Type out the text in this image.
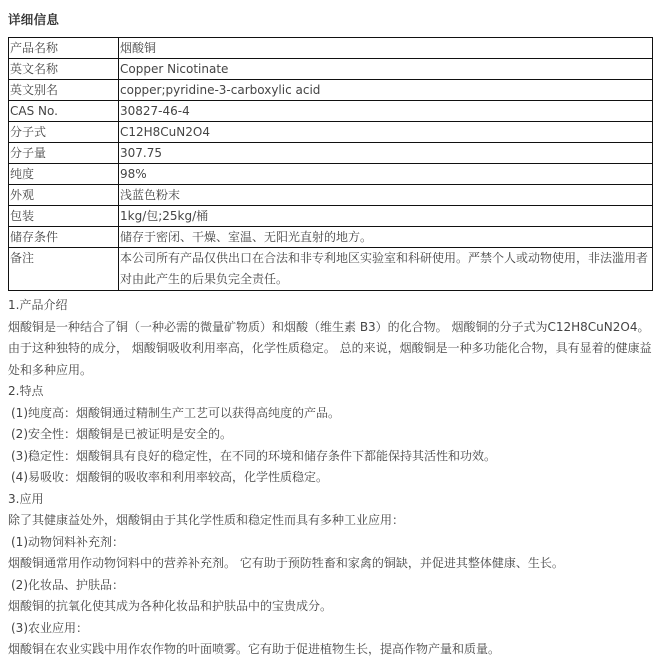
详细信息
产品名称	烟酸铜
英文名称	Copper Nicotinate
英文别名	copper;pyridine-3-carboxylic acid
CAS No.	30827-46-4
分子式	C12H8CuN2O4
分子量	307.75
纯度	98%
外观	浅蓝色粉末
包装	1kg/包;25kg/桶
储存条件	储存于密闭、干燥、室温、无阳光直射的地方。
备注	本公司所有产品仅供出口在合法和非专利地区实验室和科研使用。严禁个人或动物使用，非法滥用者对由此产生的后果负完全责任。

1.产品介绍

烟酸铜是一种结合了铜（一种必需的微量矿物质）和烟酸（维生素 B3）的化合物。 烟酸铜的分子式为C12H8CuN2O4。由于这种独特的成分， 烟酸铜吸收利用率高，化学性质稳定。 总的来说，烟酸铜是一种多功能化合物，具有显着的健康益处和多种应用。

2.特点

(1)纯度高：烟酸铜通过精制生产工艺可以获得高纯度的产品。

(2)安全性：烟酸铜是已被证明是安全的。

(3)稳定性：烟酸铜具有良好的稳定性，在不同的环境和储存条件下都能保持其活性和功效。

(4)易吸收：烟酸铜的吸收率和利用率较高，化学性质稳定。

3.应用

除了其健康益处外，烟酸铜由于其化学性质和稳定性而具有多种工业应用：

(1)动物饲料补充剂：

烟酸铜通常用作动物饲料中的营养补充剂。 它有助于预防牲畜和家禽的铜缺，并促进其整体健康、生长。

(2)化妆品、护肤品：

烟酸铜的抗氧化使其成为各种化妆品和护肤品中的宝贵成分。

(3)农业应用：

烟酸铜在农业实践中用作农作物的叶面喷雾。它有助于促进植物生长，提高作物产量和质量。
